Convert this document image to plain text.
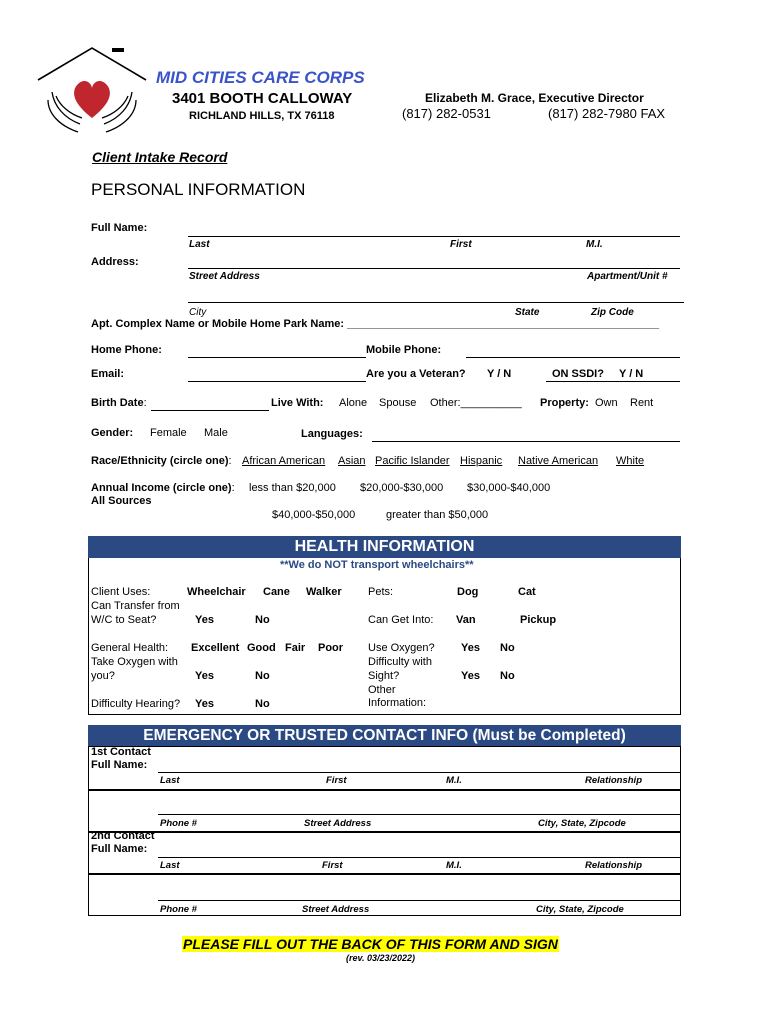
MID CITIES CARE CORPS
3401 BOOTH CALLOWAY
RICHLAND HILLS, TX 76118
Elizabeth M. Grace, Executive Director
(817) 282-0531	(817) 282-7980 FAX
Client Intake Record
PERSONAL INFORMATION
Full Name:
Last	First	M.I.
Address:
Street Address	Apartment/Unit #
City	State	Zip Code
Apt. Complex Name or Mobile Home Park Name: ___________________________________________________
Home Phone:	Mobile Phone:
Email:	Are you a Veteran? Y / N	ON SSDI? Y / N
Birth Date:	Live With: Alone Spouse Other:__________ Property: Own Rent
Gender: Female Male	Languages:
Race/Ethnicity (circle one): African American Asian Pacific Islander Hispanic Native American White
Annual Income (circle one):
All Sources
less than $20,000 $20,000-$30,000 $30,000-$40,000
$40,000-$50,000	greater than $50,000
HEALTH INFORMATION
**We do NOT transport wheelchairs**
Client Uses:	Wheelchair Cane Walker Pets:	Dog	Cat
Can Transfer from
W/C to Seat?	Yes	No	Can Get Into: Van	Pickup
General Health: Excellent Good Fair Poor Use Oxygen? Yes No
Take Oxygen with
you?	Yes	No
Difficulty with
Sight?	Yes No
Other
Information:
Difficulty Hearing? Yes	No
EMERGENCY OR TRUSTED CONTACT INFO (Must be Completed)
1st Contact
Full Name:
Last	First	M.I.	Relationship
Phone #	Street Address	City, State, Zipcode
2nd Contact
Full Name:
Last	First	M.I.	Relationship
Phone #	Street Address	City, State, Zipcode
PLEASE FILL OUT THE BACK OF THIS FORM AND SIGN
(rev. 03/23/2022)
